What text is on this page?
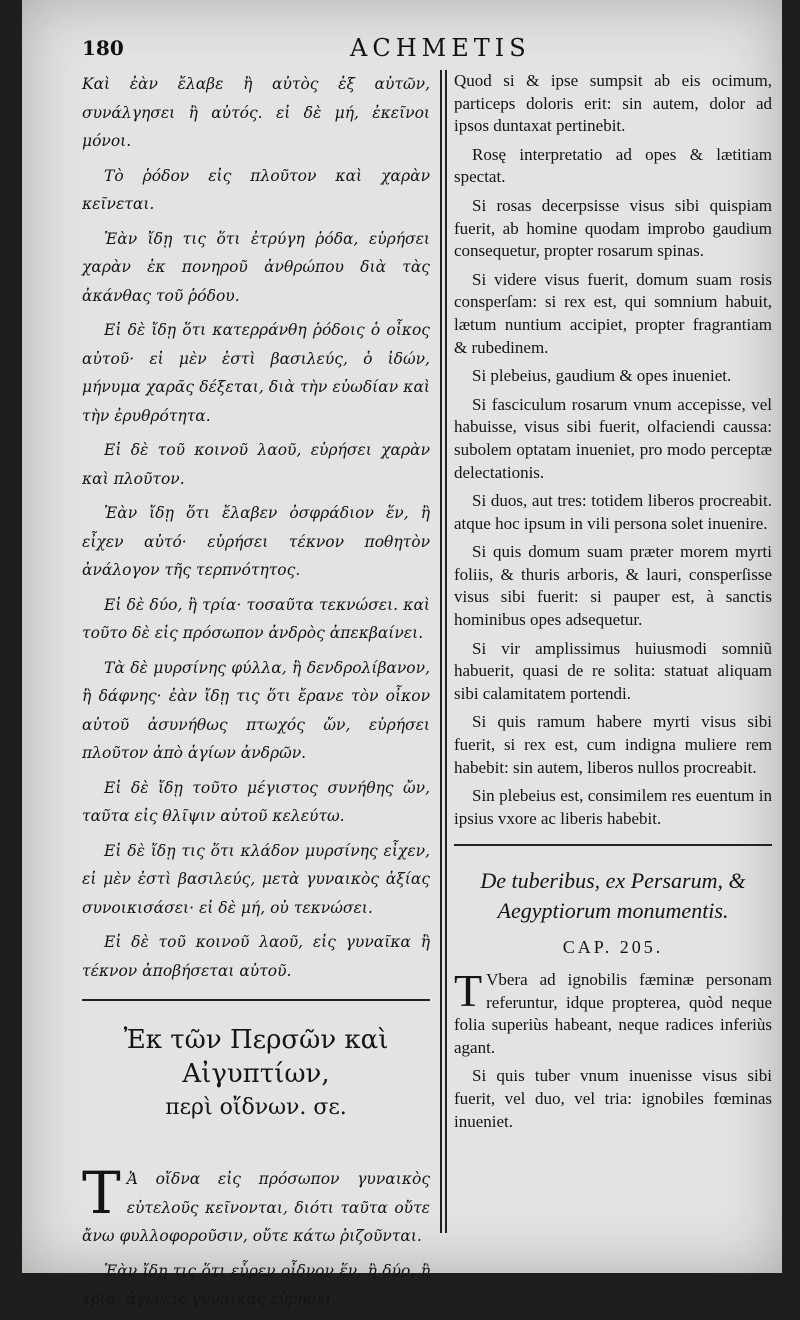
180	ACHMETIS

Καὶ ἐὰν ἔλαβε ἢ αὐτὸς ἐξ αὐτῶν, συνάλγησει ἢ αὐτός. εἰ δὲ μή, ἐκεῖνοι μόνοι.

Τὸ ῥόδον εἰς πλοῦτον καὶ χαρὰν κεῖνεται.

Ἐὰν ἴδῃ τις ὅτι ἐτρύγη ῥόδα, εὑρήσει χαρὰν ἐκ πονηροῦ ἀνθρώπου διὰ τὰς ἀκάνθας τοῦ ῥόδου.

Εἰ δὲ ἴδῃ ὅτι κατερράνθη ῥόδοις ὁ οἶκος αὐτοῦ· εἰ μὲν ἐστὶ βασιλεύς, ὁ ἰδών, μήνυμα χαρᾶς δέξεται, διὰ τὴν εὐωδίαν καὶ τὴν ἐρυθρότητα.

Εἰ δὲ τοῦ κοινοῦ λαοῦ, εὑρήσει χαρὰν καὶ πλοῦτον.

Ἐὰν ἴδῃ ὅτι ἔλαβεν ὀσφράδιον ἕν, ἢ εἶχεν αὐτό· εὑρήσει τέκνον ποθητὸν ἀνάλογον τῆς τερπνότητος.

Εἰ δὲ δύο, ἢ τρία· τοσαῦτα τεκνώσει. καὶ τοῦτο δὲ εἰς πρόσωπον ἀνδρὸς ἀπεκβαίνει.

Τὰ δὲ μυρσίνης φύλλα, ἢ δενδρολίβανον, ἢ δάφνης· ἐὰν ἴδῃ τις ὅτι ἔρανε τὸν οἶκον αὐτοῦ ἀσυνήθως πτωχός ὤν, εὑρήσει πλοῦτον ἀπὸ ἁγίων ἀνδρῶν.

Εἰ δὲ ἴδῃ τοῦτο μέγιστος συνήθης ὤν, ταῦτα εἰς θλῖψιν αὐτοῦ κελεύτω.

Εἰ δὲ ἴδῃ τις ὅτι κλάδον μυρσίνης εἶχεν, εἰ μὲν ἐστὶ βασιλεύς, μετὰ γυναικὸς ἀξίας συνοικισάσει· εἰ δὲ μή, οὐ τεκνώσει.

Εἰ δὲ τοῦ κοινοῦ λαοῦ, εἰς γυναῖκα ἢ τέκνον ἀποβήσεται αὐτοῦ.

Ἐκ τῶν Περσῶν καὶ Αἰγυπτίων,
περὶ οἴδνων. σε.

Τ Ἀ οἴδνα εἰς πρόσωπον γυναικὸς εὐτελοῦς κεῖνονται, διότι ταῦτα οὔτε ἄνω φυλλοφοροῦσιν, οὔτε κάτω ῥιζοῦνται.

Ἐὰν ἴδῃ τις ὅτι εὗρεν οἶδνον ἕν, ἢ δύο, ἢ τρία· ἀγενεῖς γυναῖκας εὑρήσει.

Quod si & ipse sumpsit ab eis ocimum, particeps doloris erit: sin autem, dolor ad ipsos duntaxat pertinebit.

Rosę interpretatio ad opes & lætitiam spectat.

Si rosas decerpsisse visus sibi quispiam fuerit, ab homine quodam improbo gaudium consequetur, propter rosarum spinas.

Si videre visus fuerit, domum suam rosis consperſam: si rex est, qui somnium habuit, lætum nuntium accipiet, propter fragrantiam & rubedinem.

Si plebeius, gaudium & opes inueniet.

Si fasciculum rosarum vnum accepisse, vel habuisse, visus sibi fuerit, olfaciendi caussa: subolem optatam inueniet, pro modo perceptæ delectationis.

Si duos, aut tres: totidem liberos procreabit. atque hoc ipsum in vili persona solet inuenire.

Si quis domum suam præter morem myrti foliis, & thuris arboris, & lauri, consperſisse visus sibi fuerit: si pauper est, à sanctis hominibus opes adsequetur.

Si vir amplissimus huiusmodi somniũ habuerit, quasi de re solita: statuat aliquam sibi calamitatem portendi.

Si quis ramum habere myrti visus sibi fuerit, si rex est, cum indigna muliere rem habebit: sin autem, liberos nullos procreabit.

Sin plebeius est, consimilem res euentum in ipsius vxore ac liberis habebit.

De tuberibus, ex Persarum, & Aegyptiorum monumentis.
CAP. 205.

T Vbera ad ignobilis fæminæ personam referuntur, idque propterea, quòd neque folia superiùs habeant, neque radices inferiùs agant.

Si quis tuber vnum inuenisse visus sibi fuerit, vel duo, vel tria: ignobiles fœminas inueniet.
